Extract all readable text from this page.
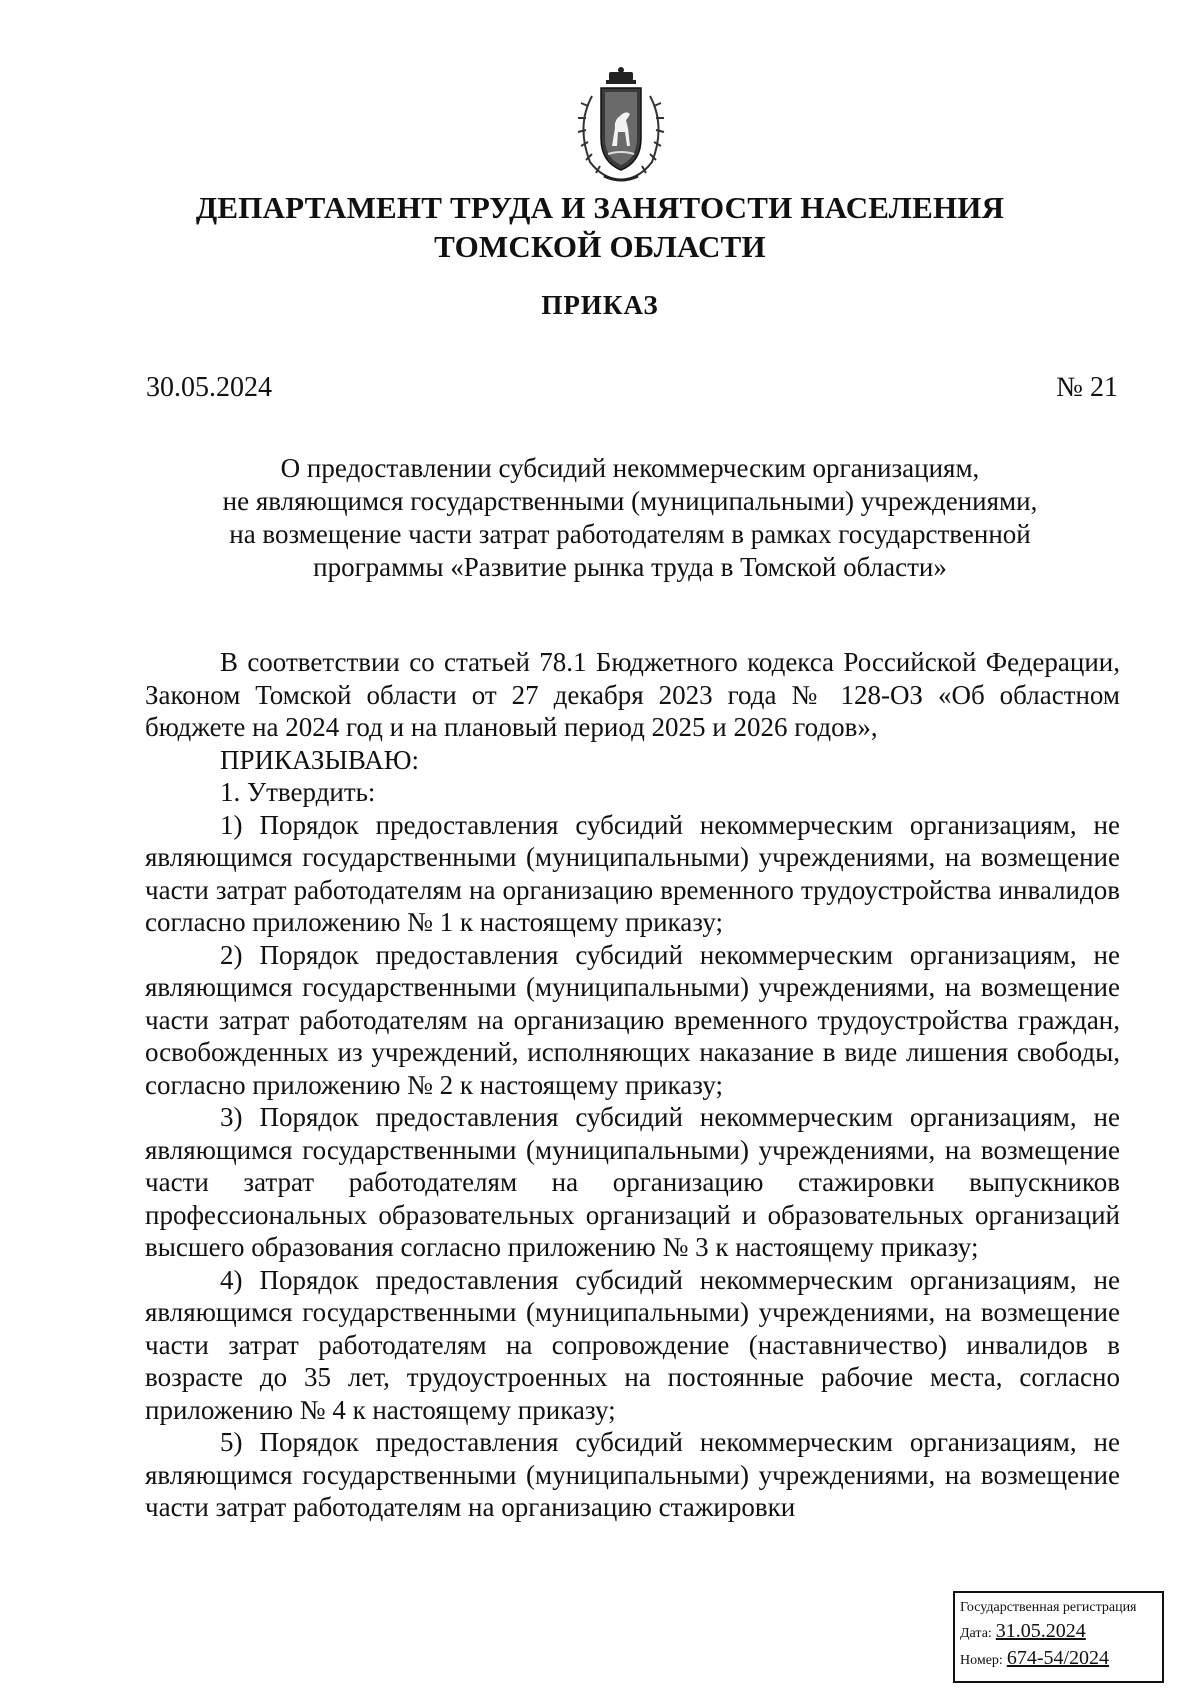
ДЕПАРТАМЕНТ ТРУДА И ЗАНЯТОСТИ НАСЕЛЕНИЯ
ТОМСКОЙ ОБЛАСТИ
ПРИКАЗ
30.05.2024	№ 21
О предоставлении субсидий некоммерческим организациям,
не являющимся государственными (муниципальными) учреждениями,
на возмещение части затрат работодателям в рамках государственной
программы «Развитие рынка труда в Томской области»

В соответствии со статьей 78.1 Бюджетного кодекса Российской Федерации, Законом Томской области от 27 декабря 2023 года № 128-ОЗ «Об областном бюджете на 2024 год и на плановый период 2025 и 2026 годов»,

ПРИКАЗЫВАЮ:

1. Утвердить:

1) Порядок предоставления субсидий некоммерческим организациям, не являющимся государственными (муниципальными) учреждениями, на возмещение части затрат работодателям на организацию временного трудоустройства инвалидов согласно приложению № 1 к настоящему приказу;

2) Порядок предоставления субсидий некоммерческим организациям, не являющимся государственными (муниципальными) учреждениями, на возмещение части затрат работодателям на организацию временного трудоустройства граждан, освобожденных из учреждений, исполняющих наказание в виде лишения свободы, согласно приложению № 2 к настоящему приказу;

3) Порядок предоставления субсидий некоммерческим организациям, не являющимся государственными (муниципальными) учреждениями, на возмещение части затрат работодателям на организацию стажировки выпускников профессиональных образовательных организаций и образовательных организаций высшего образования согласно приложению № 3 к настоящему приказу;

4) Порядок предоставления субсидий некоммерческим организациям, не являющимся государственными (муниципальными) учреждениями, на возмещение части затрат работодателям на сопровождение (наставничество) инвалидов в возрасте до 35 лет, трудоустроенных на постоянные рабочие места, согласно приложению № 4 к настоящему приказу;

5) Порядок предоставления субсидий некоммерческим организациям, не являющимся государственными (муниципальными) учреждениями, на возмещение части затрат работодателям на организацию стажировки

Государственная регистрация
Дата: 31.05.2024
Номер: 674-54/2024
